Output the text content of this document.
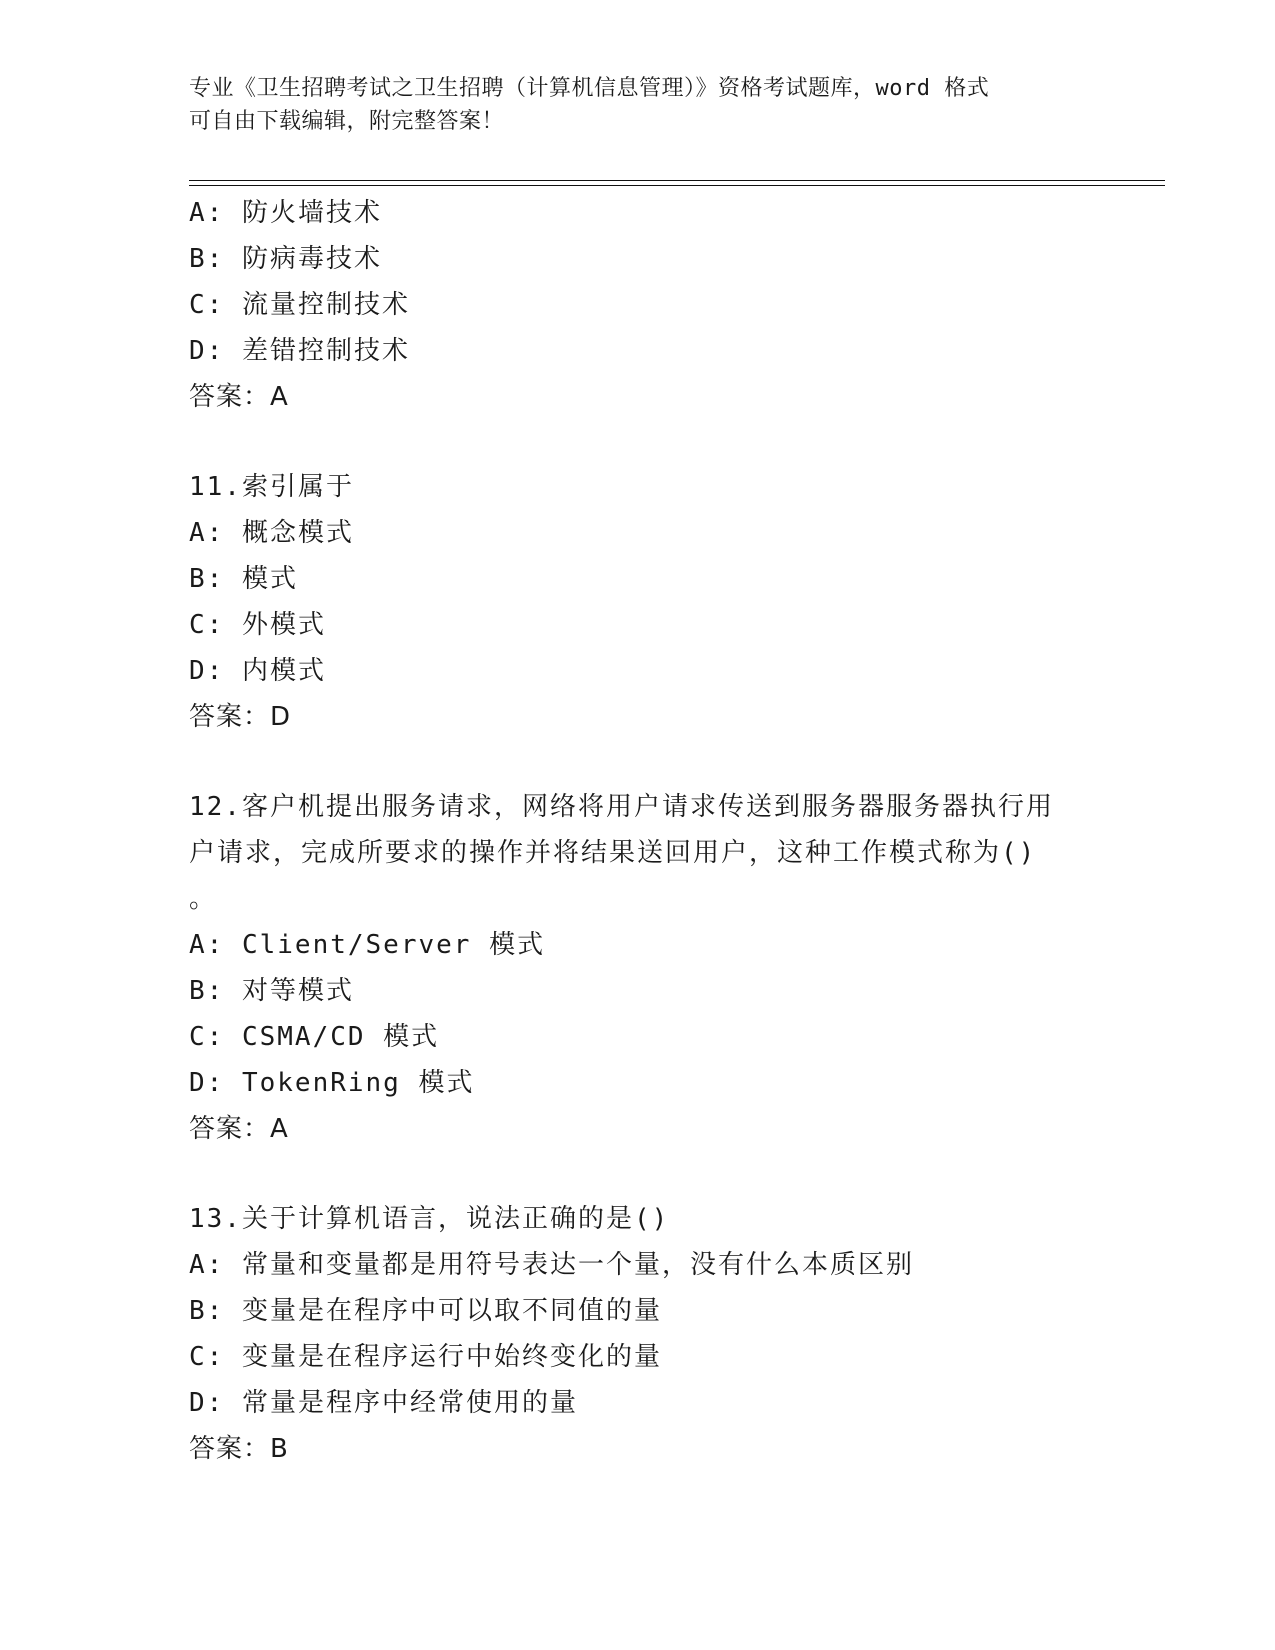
专业《卫生招聘考试之卫生招聘（计算机信息管理）》资格考试题库，word 格式
可自由下载编辑，附完整答案！
A: 防火墙技术
B: 防病毒技术
C: 流量控制技术
D: 差错控制技术
答案：A
11.索引属于
A: 概念模式
B: 模式
C: 外模式
D: 内模式
答案：D
12.客户机提出服务请求，网络将用户请求传送到服务器服务器执行用
户请求，完成所要求的操作并将结果送回用户，这种工作模式称为()
。
A: Client/Server 模式
B: 对等模式
C: CSMA/CD 模式
D: TokenRing 模式
答案：A
13.关于计算机语言，说法正确的是()
A: 常量和变量都是用符号表达一个量，没有什么本质区别
B: 变量是在程序中可以取不同值的量
C: 变量是在程序运行中始终变化的量
D: 常量是程序中经常使用的量
答案：B
